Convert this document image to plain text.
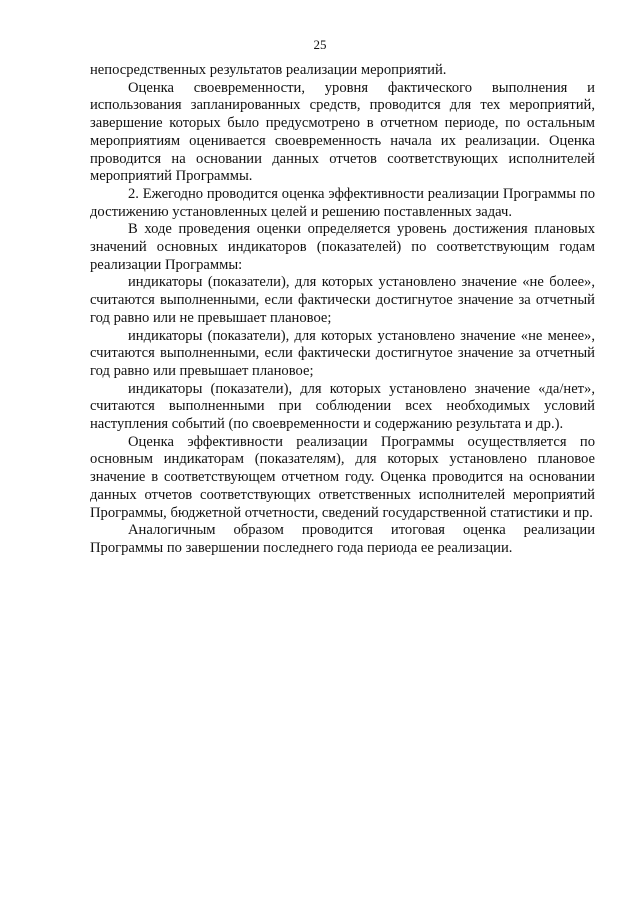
25

непосредственных результатов реализации мероприятий.

Оценка своевременности, уровня фактического выполнения и использования запланированных средств, проводится для тех мероприятий, завершение которых было предусмотрено в отчетном периоде, по остальным мероприятиям оценивается своевременность начала их реализации. Оценка проводится на основании данных отчетов соответствующих исполнителей мероприятий Программы.

2. Ежегодно проводится оценка эффективности реализации Программы по достижению установленных целей и решению поставленных задач.

В ходе проведения оценки определяется уровень достижения плановых значений основных индикаторов (показателей) по соответствующим годам реализации Программы:

индикаторы (показатели), для которых установлено значение «не более», считаются выполненными, если фактически достигнутое значение за отчетный год равно или не превышает плановое;

индикаторы (показатели), для которых установлено значение «не менее», считаются выполненными, если фактически достигнутое значение за отчетный год равно или превышает плановое;

индикаторы (показатели), для которых установлено значение «да/нет», считаются выполненными при соблюдении всех необходимых условий наступления событий (по своевременности и содержанию результата и др.).

Оценка эффективности реализации Программы осуществляется по основным индикаторам (показателям), для которых установлено плановое значение в соответствующем отчетном году. Оценка проводится на основании данных отчетов соответствующих ответственных исполнителей мероприятий Программы, бюджетной отчетности, сведений государственной статистики и пр.

Аналогичным образом проводится итоговая оценка реализации Программы по завершении последнего года периода ее реализации.
